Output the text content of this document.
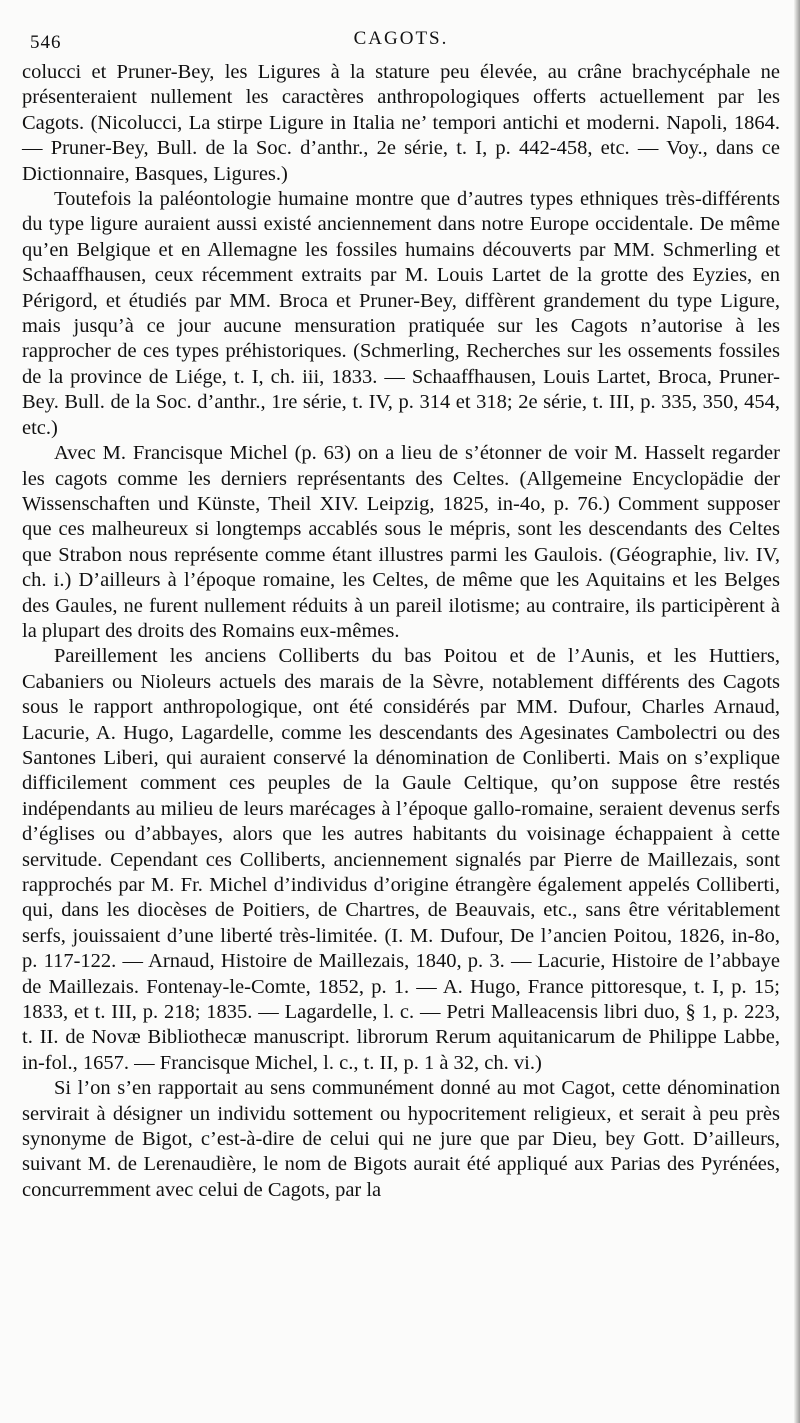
546	CAGOTS.

colucci et Pruner-Bey, les Ligures à la stature peu élevée, au crâne brachycéphale ne présenteraient nullement les caractères anthropologiques offerts actuellement par les Cagots. (Nicolucci, La stirpe Ligure in Italia ne’ tempori antichi et moderni. Napoli, 1864. — Pruner-Bey, Bull. de la Soc. d’anthr., 2e série, t. I, p. 442-458, etc. — Voy., dans ce Dictionnaire, Basques, Ligures.)

Toutefois la paléontologie humaine montre que d’autres types ethniques très-différents du type ligure auraient aussi existé anciennement dans notre Europe occidentale. De même qu’en Belgique et en Allemagne les fossiles humains découverts par MM. Schmerling et Schaaffhausen, ceux récemment extraits par M. Louis Lartet de la grotte des Eyzies, en Périgord, et étudiés par MM. Broca et Pruner-Bey, diffèrent grandement du type Ligure, mais jusqu’à ce jour aucune mensuration pratiquée sur les Cagots n’autorise à les rapprocher de ces types préhistoriques. (Schmerling, Recherches sur les ossements fossiles de la province de Liége, t. I, ch. iii, 1833. — Schaaffhausen, Louis Lartet, Broca, Pruner-Bey. Bull. de la Soc. d’anthr., 1re série, t. IV, p. 314 et 318; 2e série, t. III, p. 335, 350, 454, etc.)

Avec M. Francisque Michel (p. 63) on a lieu de s’étonner de voir M. Hasselt regarder les cagots comme les derniers représentants des Celtes. (Allgemeine Encyclopädie der Wissenschaften und Künste, Theil XIV. Leipzig, 1825, in-4o, p. 76.) Comment supposer que ces malheureux si longtemps accablés sous le mépris, sont les descendants des Celtes que Strabon nous représente comme étant illustres parmi les Gaulois. (Géographie, liv. IV, ch. i.) D’ailleurs à l’époque romaine, les Celtes, de même que les Aquitains et les Belges des Gaules, ne furent nullement réduits à un pareil ilotisme; au contraire, ils participèrent à la plupart des droits des Romains eux-mêmes.

Pareillement les anciens Colliberts du bas Poitou et de l’Aunis, et les Huttiers, Cabaniers ou Nioleurs actuels des marais de la Sèvre, notablement différents des Cagots sous le rapport anthropologique, ont été considérés par MM. Dufour, Charles Arnaud, Lacurie, A. Hugo, Lagardelle, comme les descendants des Agesinates Cambolectri ou des Santones Liberi, qui auraient conservé la dénomination de Conliberti. Mais on s’explique difficilement comment ces peuples de la Gaule Celtique, qu’on suppose être restés indépendants au milieu de leurs marécages à l’époque gallo-romaine, seraient devenus serfs d’églises ou d’abbayes, alors que les autres habitants du voisinage échappaient à cette servitude. Cependant ces Colliberts, anciennement signalés par Pierre de Maillezais, sont rapprochés par M. Fr. Michel d’individus d’origine étrangère également appelés Colliberti, qui, dans les diocèses de Poitiers, de Chartres, de Beauvais, etc., sans être véritablement serfs, jouissaient d’une liberté très-limitée. (I. M. Dufour, De l’ancien Poitou, 1826, in-8o, p. 117-122. — Arnaud, Histoire de Maillezais, 1840, p. 3. — Lacurie, Histoire de l’abbaye de Maillezais. Fontenay-le-Comte, 1852, p. 1. — A. Hugo, France pittoresque, t. I, p. 15; 1833, et t. III, p. 218; 1835. — Lagardelle, l. c. — Petri Malleacensis libri duo, § 1, p. 223, t. II. de Novæ Bibliothecæ manuscript. librorum Rerum aquitanicarum de Philippe Labbe, in-fol., 1657. — Francisque Michel, l. c., t. II, p. 1 à 32, ch. vi.)

Si l’on s’en rapportait au sens communément donné au mot Cagot, cette dénomination servirait à désigner un individu sottement ou hypocritement religieux, et serait à peu près synonyme de Bigot, c’est-à-dire de celui qui ne jure que par Dieu, bey Gott. D’ailleurs, suivant M. de Lerenaudière, le nom de Bigots aurait été appliqué aux Parias des Pyrénées, concurremment avec celui de Cagots, par la
